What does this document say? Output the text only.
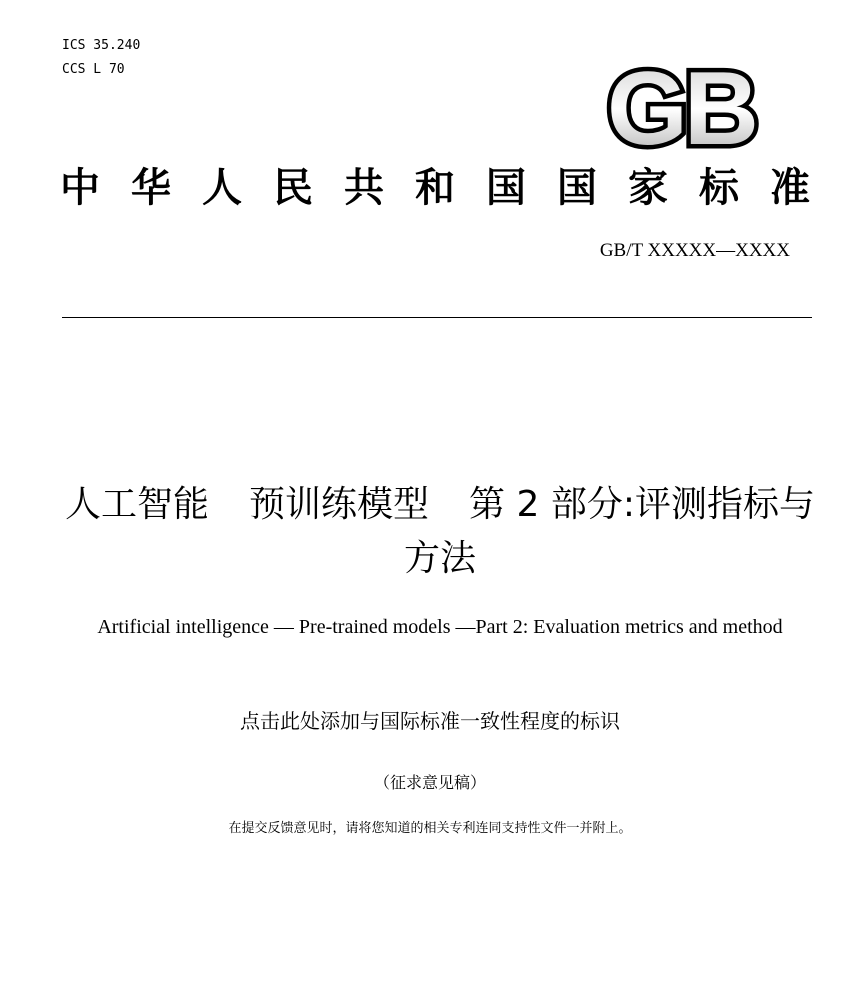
ICS 35.240
CCS L 70	GB
中华人民共和国国家标准
GB/T XXXXX—XXXX
人工智能 预训练模型 第 2 部分:评测指标与方法
Artificial intelligence — Pre-trained models —Part 2: Evaluation metrics and method
点击此处添加与国际标准一致性程度的标识
（征求意见稿）
在提交反馈意见时，请将您知道的相关专利连同支持性文件一并附上。
